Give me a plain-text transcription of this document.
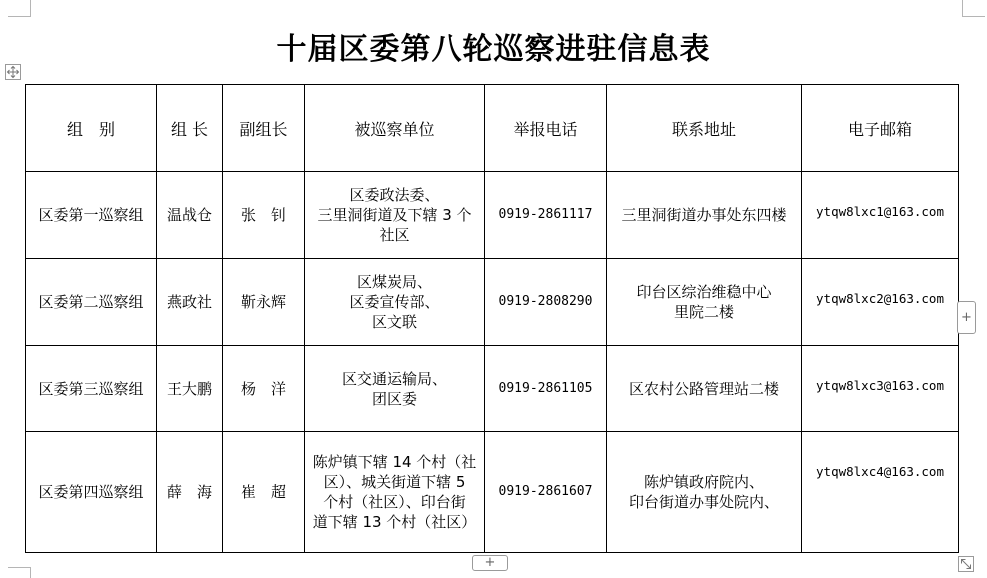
十届区委第八轮巡察进驻信息表
组　别	组 长	副组长	被巡察单位	举报电话	联系地址	电子邮箱
区委第一巡察组	温战仓	张　钊	区委政法委、
三里洞街道及下辖 3 个
社区	0919-2861117	三里洞街道办事处东四楼	ytqw8lxc1@163.com
区委第二巡察组	燕政社	靳永辉	区煤炭局、
区委宣传部、
区文联	0919-2808290	印台区综治维稳中心
里院二楼	ytqw8lxc2@163.com
区委第三巡察组	王大鹏	杨　洋	区交通运输局、
团区委	0919-2861105	区农村公路管理站二楼	ytqw8lxc3@163.com
区委第四巡察组	薛　海	崔　超	陈炉镇下辖 14 个村（社
区）、城关街道下辖 5
个村（社区）、印台街
道下辖 13 个村（社区）	0919-2861607	陈炉镇政府院内、
印台街道办事处院内、	ytqw8lxc4@163.com
+
+
